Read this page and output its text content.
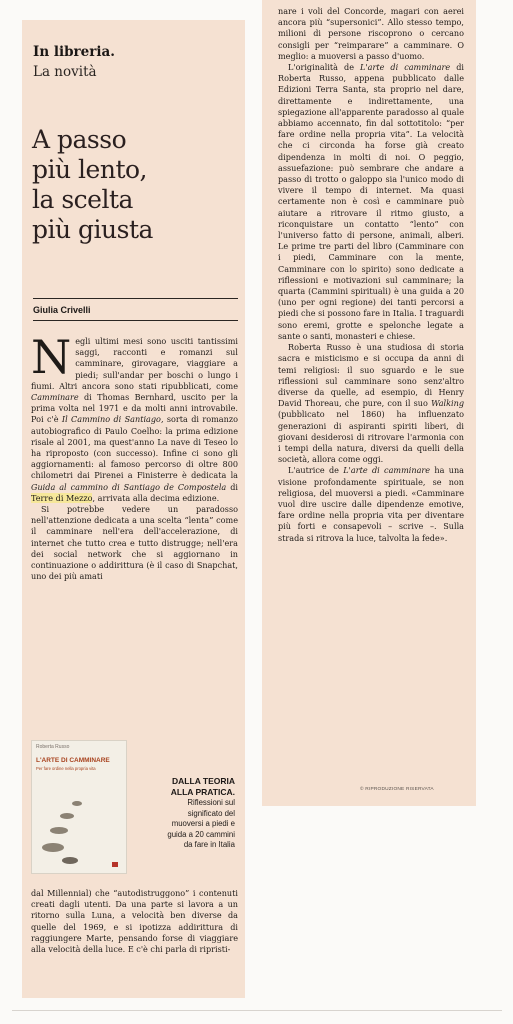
In libreria.
La novità
A passo
più lento,
la scelta
più giusta
Giulia Crivelli

Negli ultimi mesi sono usciti tantissimi saggi, racconti e romanzi sul camminare, girovagare, viaggiare a piedi; sull'andar per boschi o lungo i fiumi. Altri ancora sono stati ripubblicati, come Camminare di Thomas Bernhard, uscito per la prima volta nel 1971 e da molti anni introvabile. Poi c'è Il Cammino di Santiago, sorta di romanzo autobiografico di Paulo Coelho: la prima edizione risale al 2001, ma quest'anno La nave di Teseo lo ha riproposto (con successo). Infine ci sono gli aggiornamenti: al famoso percorso di oltre 800 chilometri dai Pirenei a Finisterre è dedicata la Guida al cammino di Santiago de Compostela di Terre di Mezzo, arrivata alla decima edizione.

Si potrebbe vedere un paradosso nell'attenzione dedicata a una scelta “lenta” come il camminare nell'era dell'accelerazione, di internet che tutto crea e tutto distrugge; nell'era dei social network che si aggiornano in continuazione o addirittura (è il caso di Snapchat, uno dei più amati

Roberta Russo
L'ARTE DI CAMMINARE
Per fare ordine nella propria vita
DALLA TEORIA
ALLA PRATICA.
Riflessioni sul
significato del
muoversi a piedi e
guida a 20 cammini
da fare in Italia

dal Millennial) che “autodistruggono” i contenuti creati dagli utenti. Da una parte si lavora a un ritorno sulla Luna, a velocità ben diverse da quelle del 1969, e si ipotizza addirittura di raggiungere Marte, pensando forse di viaggiare alla velocità della luce. E c'è chi parla di ripristi-

nare i voli del Concorde, magari con aerei ancora più “supersonici”. Allo stesso tempo, milioni di persone riscoprono o cercano consigli per “reimparare” a camminare. O meglio: a muoversi a passo d'uomo.

L'originalità de L'arte di camminare di Roberta Russo, appena pubblicato dalle Edizioni Terra Santa, sta proprio nel dare, direttamente e indirettamente, una spiegazione all'apparente paradosso al quale abbiamo accennato, fin dal sottotitolo: “per fare ordine nella propria vita”. La velocità che ci circonda ha forse già creato dipendenza in molti di noi. O peggio, assuefazione: può sembrare che andare a passo di trotto o galoppo sia l'unico modo di vivere il tempo di internet. Ma quasi certamente non è così e camminare può aiutare a ritrovare il ritmo giusto, a riconquistare un contatto “lento” con l'universo fatto di persone, animali, alberi. Le prime tre parti del libro (Camminare con i piedi, Camminare con la mente, Camminare con lo spirito) sono dedicate a riflessioni e motivazioni sul camminare; la quarta (Cammini spirituali) è una guida a 20 (uno per ogni regione) dei tanti percorsi a piedi che si possono fare in Italia. I traguardi sono eremi, grotte e spelonche legate a sante o santi, monasteri e chiese.

Roberta Russo è una studiosa di storia sacra e misticismo e si occupa da anni di temi religiosi: il suo sguardo e le sue riflessioni sul camminare sono senz'altro diverse da quelle, ad esempio, di Henry David Thoreau, che pure, con il suo Walking (pubblicato nel 1860) ha influenzato generazioni di aspiranti spiriti liberi, di giovani desiderosi di ritrovare l'armonia con i tempi della natura, diversi da quelli della società, allora come oggi.

L'autrice de L'arte di camminare ha una visione profondamente spirituale, se non religiosa, del muoversi a piedi. «Camminare vuol dire uscire dalle dipendenze emotive, fare ordine nella propria vita per diventare più forti e consapevoli – scrive –. Sulla strada si ritrova la luce, talvolta la fede».

© RIPRODUZIONE RISERVATA
